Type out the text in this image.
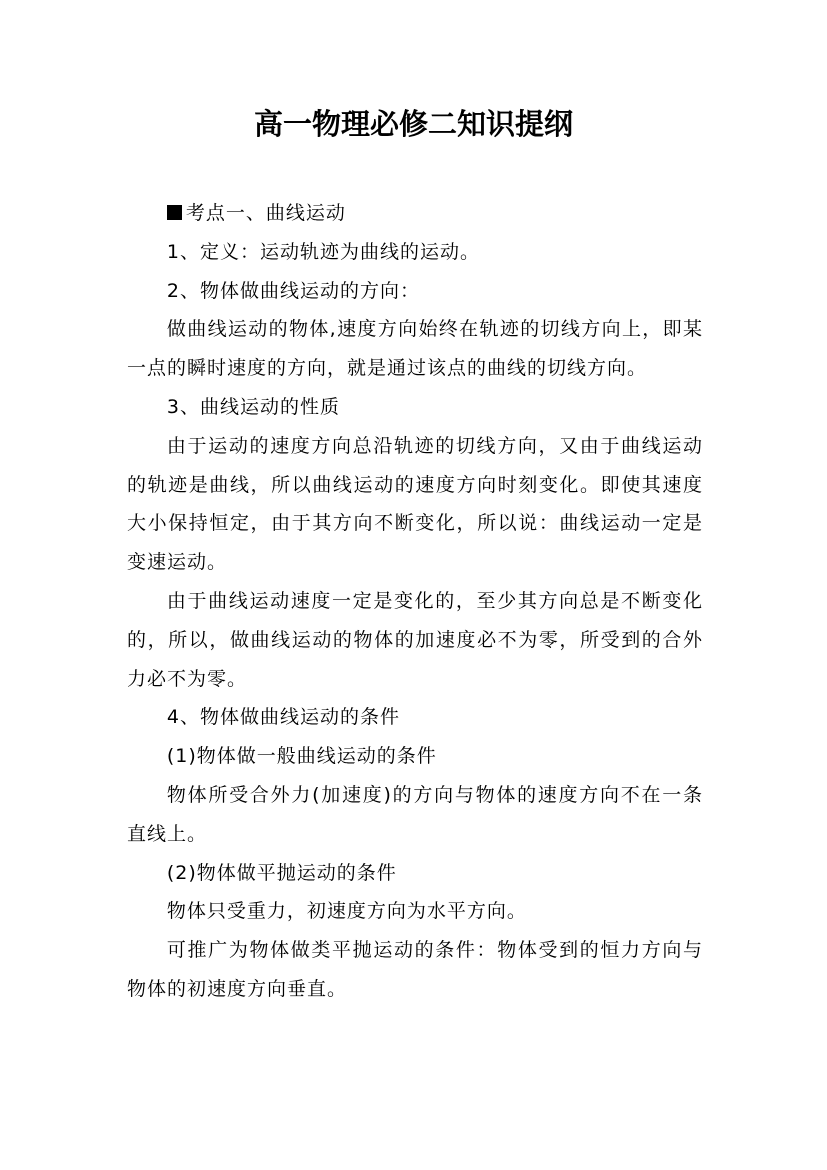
高一物理必修二知识提纲

考点一、曲线运动

1、定义：运动轨迹为曲线的运动。

2、物体做曲线运动的方向：

做曲线运动的物体,速度方向始终在轨迹的切线方向上，即某一点的瞬时速度的方向，就是通过该点的曲线的切线方向。

3、曲线运动的性质

由于运动的速度方向总沿轨迹的切线方向，又由于曲线运动的轨迹是曲线，所以曲线运动的速度方向时刻变化。即使其速度大小保持恒定，由于其方向不断变化，所以说：曲线运动一定是变速运动。

由于曲线运动速度一定是变化的，至少其方向总是不断变化的，所以，做曲线运动的物体的加速度必不为零，所受到的合外力必不为零。

4、物体做曲线运动的条件

(1)物体做一般曲线运动的条件

物体所受合外力(加速度)的方向与物体的速度方向不在一条直线上。

(2)物体做平抛运动的条件

物体只受重力，初速度方向为水平方向。

可推广为物体做类平抛运动的条件：物体受到的恒力方向与物体的初速度方向垂直。
